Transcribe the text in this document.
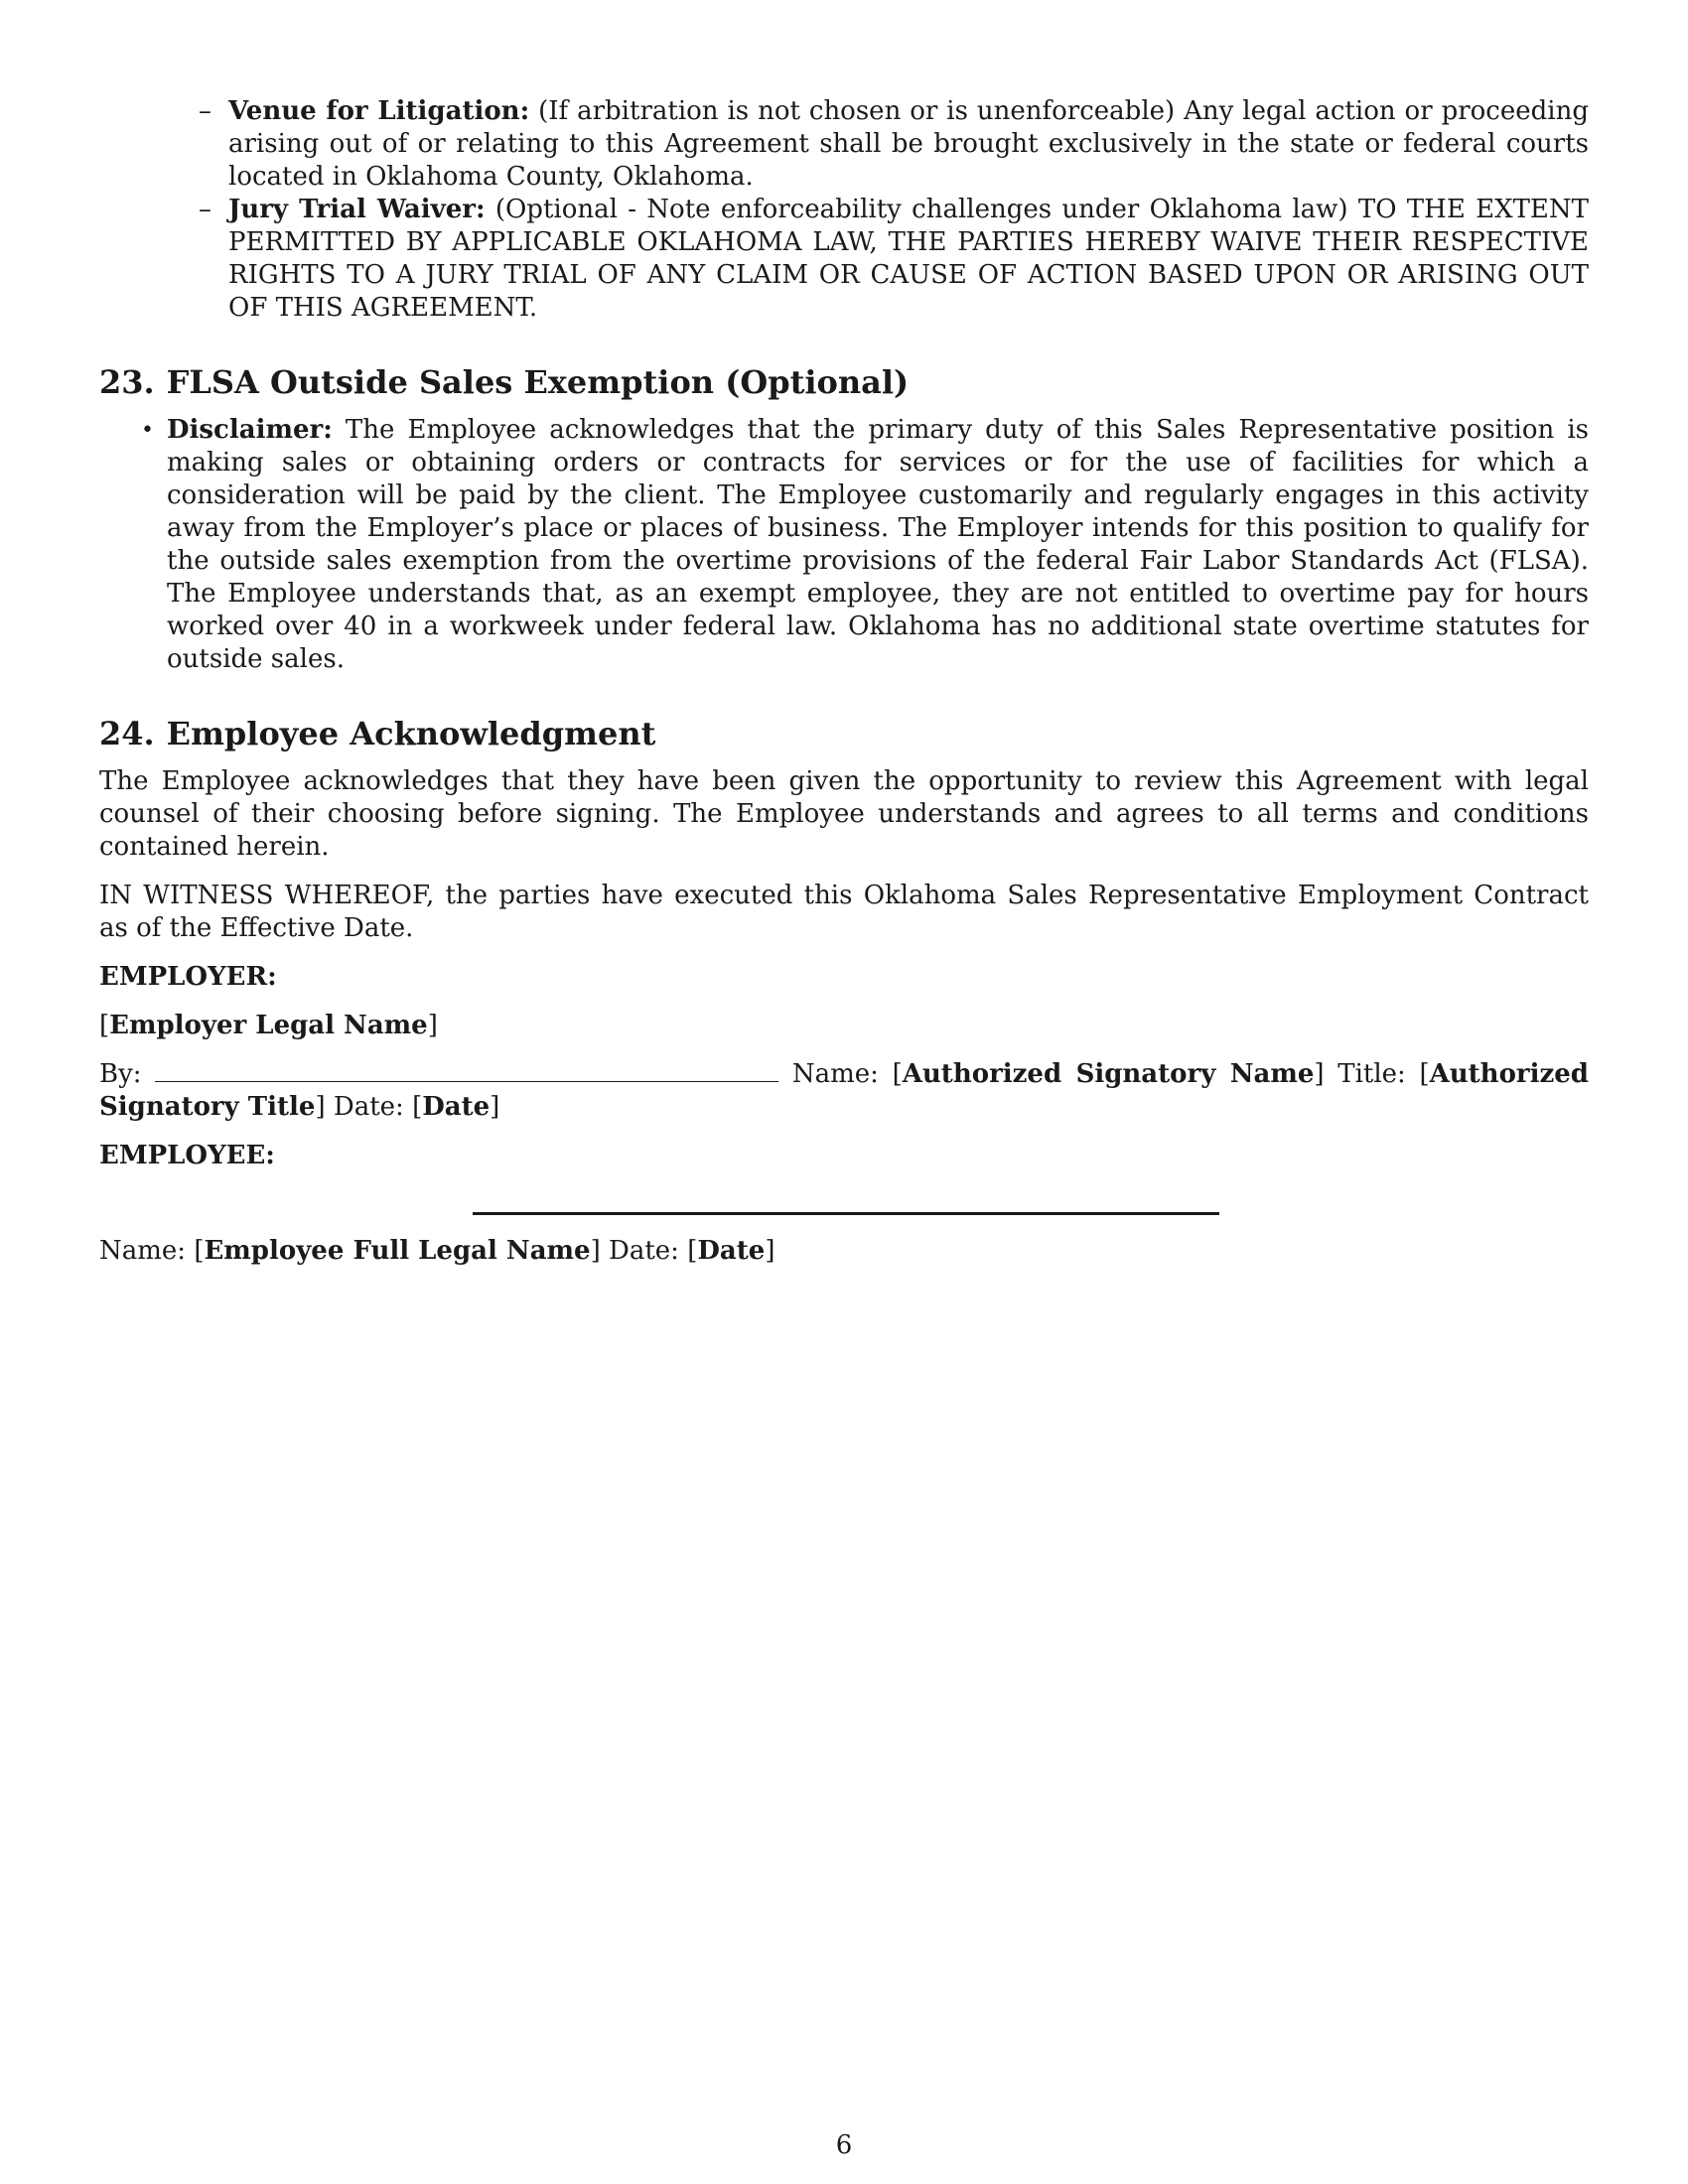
– Venue for Litigation: (If arbitration is not chosen or is unenforceable) Any legal action or proceeding arising out of or relating to this Agreement shall be brought exclusively in the state or federal courts located in Oklahoma County, Oklahoma.
– Jury Trial Waiver: (Optional - Note enforceability challenges under Oklahoma law) TO THE EXTENT PERMITTED BY APPLICABLE OKLAHOMA LAW, THE PARTIES HEREBY WAIVE THEIR RESPECTIVE RIGHTS TO A JURY TRIAL OF ANY CLAIM OR CAUSE OF ACTION BASED UPON OR ARISING OUT OF THIS AGREEMENT.
23. FLSA Outside Sales Exemption (Optional)
• Disclaimer: The Employee acknowledges that the primary duty of this Sales Representative position is making sales or obtaining orders or contracts for services or for the use of facilities for which a consideration will be paid by the client. The Employee customarily and regularly engages in this activity away from the Employer’s place or places of business. The Employer intends for this position to qualify for the outside sales exemption from the overtime provisions of the federal Fair Labor Standards Act (FLSA). The Employee understands that, as an exempt employee, they are not entitled to overtime pay for hours worked over 40 in a workweek under federal law. Oklahoma has no additional state overtime statutes for outside sales.
24. Employee Acknowledgment

The Employee acknowledges that they have been given the opportunity to review this Agreement with legal counsel of their choosing before signing. The Employee understands and agrees to all terms and conditions contained herein.

IN WITNESS WHEREOF, the parties have executed this Oklahoma Sales Representative Employment Contract as of the Effective Date.

EMPLOYER:

[Employer Legal Name]

By:	Name: [Authorized Signatory Name] Title: [Authorized Signatory Title] Date: [Date]

EMPLOYEE:

Name: [Employee Full Legal Name] Date: [Date]

6
